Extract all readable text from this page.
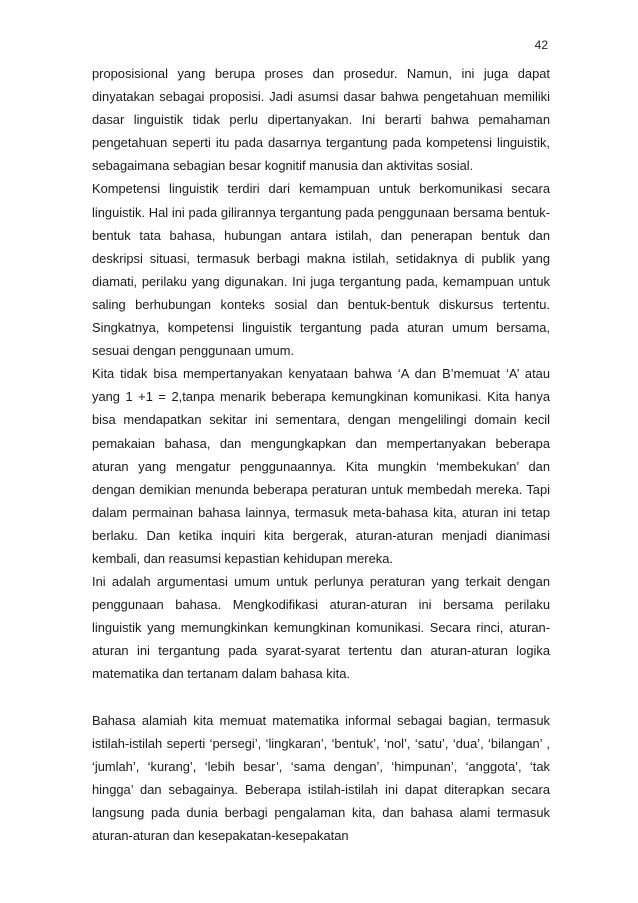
42

proposisional yang berupa proses dan prosedur. Namun, ini juga dapat dinyatakan sebagai proposisi. Jadi asumsi dasar bahwa pengetahuan memiliki dasar linguistik tidak perlu dipertanyakan. Ini berarti bahwa pemahaman pengetahuan seperti itu pada dasarnya tergantung pada kompetensi linguistik, sebagaimana sebagian besar kognitif manusia dan aktivitas sosial.

Kompetensi linguistik terdiri dari kemampuan untuk berkomunikasi secara linguistik. Hal ini pada gilirannya tergantung pada penggunaan bersama bentuk-bentuk tata bahasa, hubungan antara istilah, dan penerapan bentuk dan deskripsi situasi, termasuk berbagi makna istilah, setidaknya di publik yang diamati, perilaku yang digunakan. Ini juga tergantung pada, kemampuan untuk saling berhubungan konteks sosial dan bentuk-bentuk diskursus tertentu. Singkatnya, kompetensi linguistik tergantung pada aturan umum bersama, sesuai dengan penggunaan umum.

Kita tidak bisa mempertanyakan kenyataan bahwa ‘A dan B’memuat ‘A’ atau yang 1 +1 = 2,tanpa menarik beberapa kemungkinan komunikasi. Kita hanya bisa mendapatkan sekitar ini sementara, dengan mengelilingi domain kecil pemakaian bahasa, dan mengungkapkan dan mempertanyakan beberapa aturan yang mengatur penggunaannya. Kita mungkin ‘membekukan’ dan dengan demikian menunda beberapa peraturan untuk membedah mereka. Tapi dalam permainan bahasa lainnya, termasuk meta-bahasa kita, aturan ini tetap berlaku. Dan ketika inquiri kita bergerak, aturan-aturan menjadi dianimasi kembali, dan reasumsi kepastian kehidupan mereka.

Ini adalah argumentasi umum untuk perlunya peraturan yang terkait dengan penggunaan bahasa. Mengkodifikasi aturan-aturan ini bersama perilaku linguistik yang memungkinkan kemungkinan komunikasi. Secara rinci, aturan-aturan ini tergantung pada syarat-syarat tertentu dan aturan-aturan logika matematika dan tertanam dalam bahasa kita.

Bahasa alamiah kita memuat matematika informal sebagai bagian, termasuk istilah-istilah seperti ‘persegi’, ‘lingkaran’, ‘bentuk’, ‘nol’, ‘satu’, ‘dua’, ‘bilangan’ , ‘jumlah’, ‘kurang’, ‘lebih besar’, ‘sama dengan’, ‘himpunan’, ‘anggota’, ‘tak hingga’ dan sebagainya. Beberapa istilah-istilah ini dapat diterapkan secara langsung pada dunia berbagi pengalaman kita, dan bahasa alami termasuk aturan-aturan dan kesepakatan-kesepakatan
